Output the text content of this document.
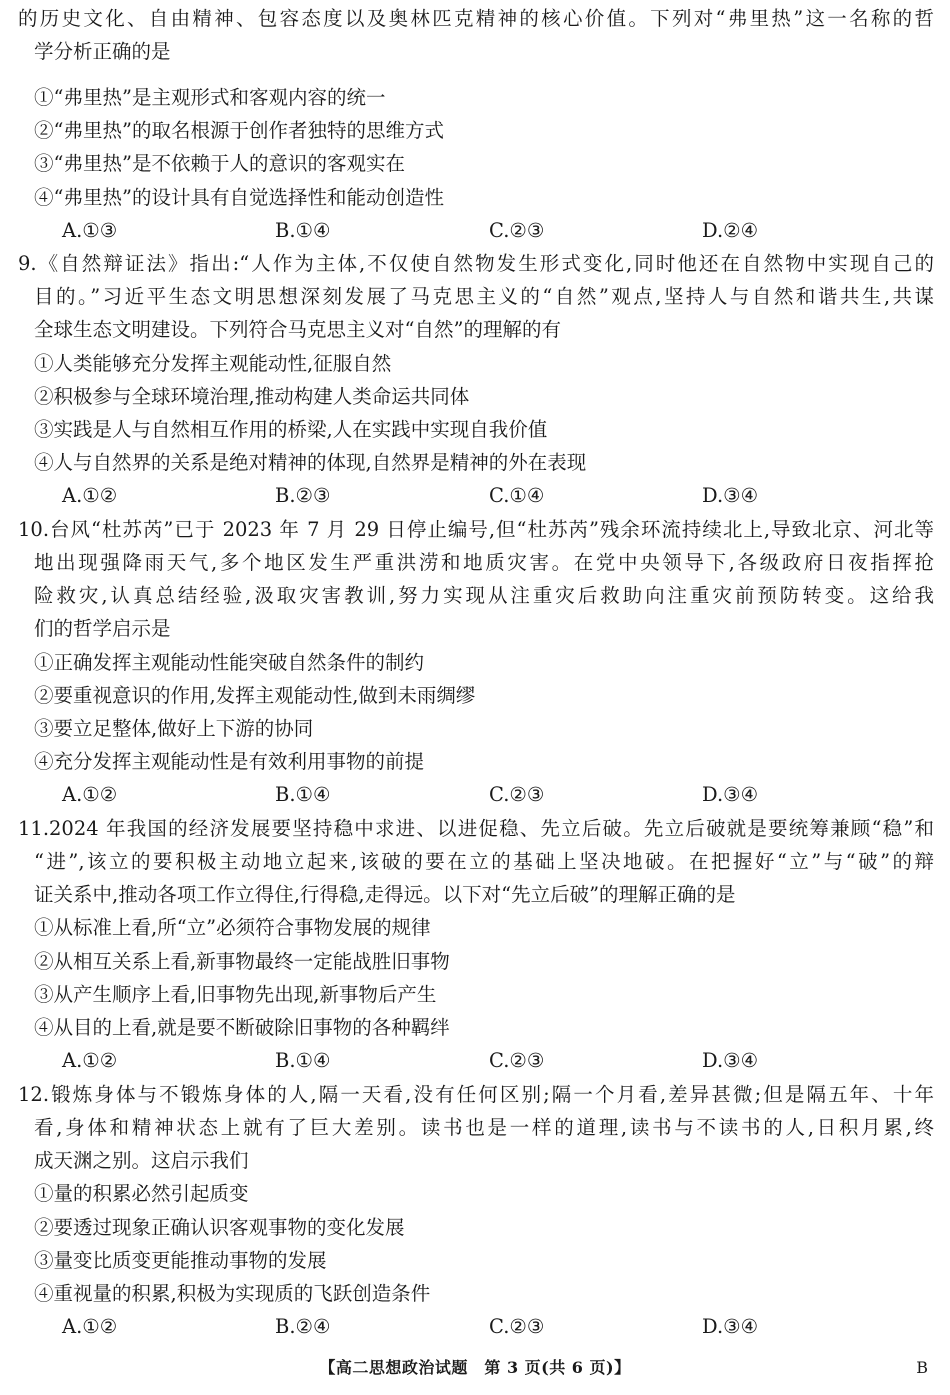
的历史文化、自由精神、包容态度以及奥林匹克精神的核心价值。下列对“弗里热”这一名称的哲
学分析正确的是
①“弗里热”是主观形式和客观内容的统一
②“弗里热”的取名根源于创作者独特的思维方式
③“弗里热”是不依赖于人的意识的客观实在
④“弗里热”的设计具有自觉选择性和能动创造性
A.①③	B.①④	C.②③	D.②④
9.《自然辩证法》指出:“人作为主体,不仅使自然物发生形式变化,同时他还在自然物中实现自己的
目的。”习近平生态文明思想深刻发展了马克思主义的“自然”观点,坚持人与自然和谐共生,共谋
全球生态文明建设。下列符合马克思主义对“自然”的理解的有
①人类能够充分发挥主观能动性,征服自然
②积极参与全球环境治理,推动构建人类命运共同体
③实践是人与自然相互作用的桥梁,人在实践中实现自我价值
④人与自然界的关系是绝对精神的体现,自然界是精神的外在表现
A.①②	B.②③	C.①④	D.③④
10.台风“杜苏芮”已于 2023 年 7 月 29 日停止编号,但“杜苏芮”残余环流持续北上,导致北京、河北等
地出现强降雨天气,多个地区发生严重洪涝和地质灾害。在党中央领导下,各级政府日夜指挥抢
险救灾,认真总结经验,汲取灾害教训,努力实现从注重灾后救助向注重灾前预防转变。这给我
们的哲学启示是
①正确发挥主观能动性能突破自然条件的制约
②要重视意识的作用,发挥主观能动性,做到未雨绸缪
③要立足整体,做好上下游的协同
④充分发挥主观能动性是有效利用事物的前提
A.①②	B.①④	C.②③	D.③④
11.2024 年我国的经济发展要坚持稳中求进、以进促稳、先立后破。先立后破就是要统筹兼顾“稳”和
“进”,该立的要积极主动地立起来,该破的要在立的基础上坚决地破。在把握好“立”与“破”的辩
证关系中,推动各项工作立得住,行得稳,走得远。以下对“先立后破”的理解正确的是
①从标准上看,所“立”必须符合事物发展的规律
②从相互关系上看,新事物最终一定能战胜旧事物
③从产生顺序上看,旧事物先出现,新事物后产生
④从目的上看,就是要不断破除旧事物的各种羁绊
A.①②	B.①④	C.②③	D.③④
12.锻炼身体与不锻炼身体的人,隔一天看,没有任何区别;隔一个月看,差异甚微;但是隔五年、十年
看,身体和精神状态上就有了巨大差别。读书也是一样的道理,读书与不读书的人,日积月累,终
成天渊之别。这启示我们
①量的积累必然引起质变
②要透过现象正确认识客观事物的变化发展
③量变比质变更能推动事物的发展
④重视量的积累,积极为实现质的飞跃创造条件
A.①②	B.②④	C.②③	D.③④
【高二思想政治试题　第 3 页(共 6 页)】	B
